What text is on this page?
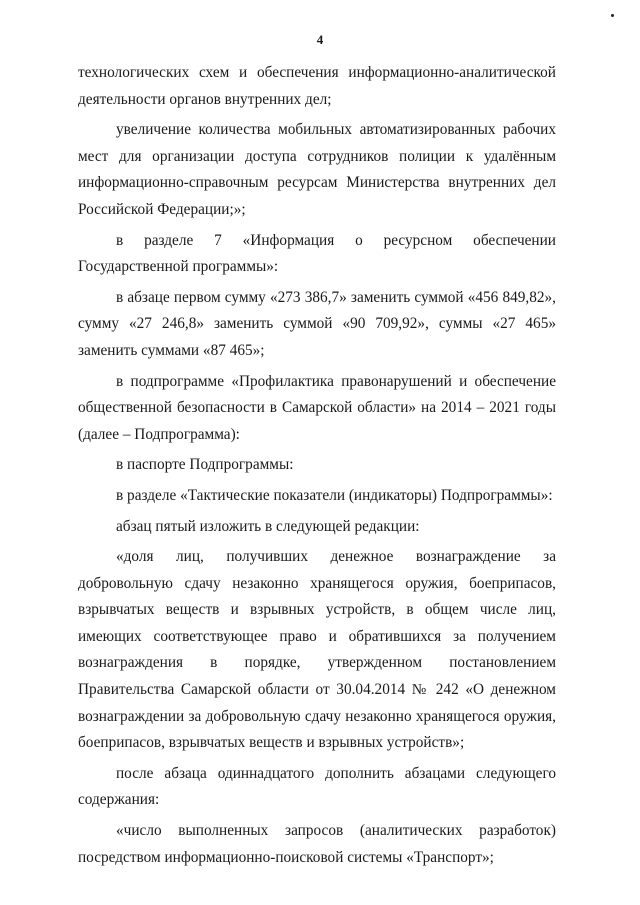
4

технологических схем и обеспечения информационно-аналитической деятельности органов внутренних дел;

увеличение количества мобильных автоматизированных рабочих мест для организации доступа сотрудников полиции к удалённым информационно-справочным ресурсам Министерства внутренних дел Российской Федерации;»;

в разделе 7 «Информация о ресурсном обеспечении Государственной программы»:

в абзаце первом сумму «273 386,7» заменить суммой «456 849,82», сумму «27 246,8» заменить суммой «90 709,92», суммы «27 465» заменить суммами «87 465»;

в подпрограмме «Профилактика правонарушений и обеспечение общественной безопасности в Самарской области» на 2014 – 2021 годы (далее – Подпрограмма):

в паспорте Подпрограммы:

в разделе «Тактические показатели (индикаторы) Подпрограммы»:

абзац пятый изложить в следующей редакции:

«доля лиц, получивших денежное вознаграждение за добровольную сдачу незаконно хранящегося оружия, боеприпасов, взрывчатых веществ и взрывных устройств, в общем числе лиц, имеющих соответствующее право и обратившихся за получением вознаграждения в порядке, утвержденном постановлением Правительства Самарской области от 30.04.2014 № 242 «О денежном вознаграждении за добровольную сдачу незаконно хранящегося оружия, боеприпасов, взрывчатых веществ и взрывных устройств»;

после абзаца одиннадцатого дополнить абзацами следующего содержания:

«число выполненных запросов (аналитических разработок) посредством информационно-поисковой системы «Транспорт»;
